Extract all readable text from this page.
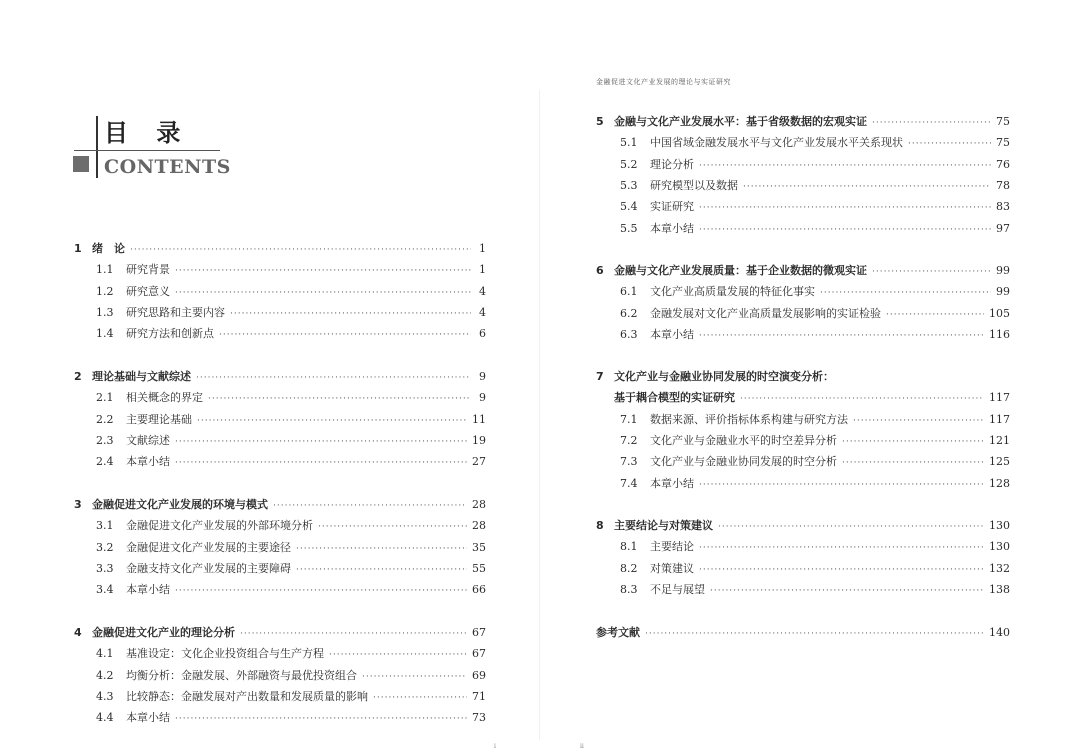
金融促进文化产业发展的理论与实证研究
目 录
CONTENTS
1 绪　论 ·····	1
1.1	研究背景 ·····	1
1.2	研究意义 ·····	4
1.3	研究思路和主要内容 ·····	4
1.4	研究方法和创新点 ·····	6
2 理论基础与文献综述 ·····	9
2.1	相关概念的界定 ·····	9
2.2	主要理论基础 ·····	11
2.3	文献综述 ·····	19
2.4	本章小结 ·····	27
3 金融促进文化产业发展的环境与模式 ·····	28
3.1	金融促进文化产业发展的外部环境分析 ·····	28
3.2	金融促进文化产业发展的主要途径 ·····	35
3.3	金融支持文化产业发展的主要障碍 ·····	55
3.4	本章小结 ·····	66
4 金融促进文化产业的理论分析 ·····	67
4.1	基准设定：文化企业投资组合与生产方程 ·····	67
4.2	均衡分析：金融发展、外部融资与最优投资组合 ·····	69
4.3	比较静态：金融发展对产出数量和发展质量的影响 ·····	71
4.4	本章小结 ·····	73
5 金融与文化产业发展水平：基于省级数据的宏观实证 ·····	75
5.1	中国省域金融发展水平与文化产业发展水平关系现状 ·····	75
5.2	理论分析 ·····	76
5.3	研究模型以及数据 ·····	78
5.4	实证研究 ·····	83
5.5	本章小结 ·····	97
6 金融与文化产业发展质量：基于企业数据的微观实证 ·····	99
6.1	文化产业高质量发展的特征化事实 ·····	99
6.2	金融发展对文化产业高质量发展影响的实证检验 ·····	105
6.3	本章小结 ·····	116
7 文化产业与金融业协同发展的时空演变分析：
基于耦合模型的实证研究 ·····	117
7.1	数据来源、评价指标体系构建与研究方法 ·····	117
7.2	文化产业与金融业水平的时空差异分析 ·····	121
7.3	文化产业与金融业协同发展的时空分析 ·····	125
7.4	本章小结 ·····	128
8 主要结论与对策建议 ·····	130
8.1	主要结论 ·····	130
8.2	对策建议 ·····	132
8.3	不足与展望 ·····	138
参考文献 ·····	140
i	ii
